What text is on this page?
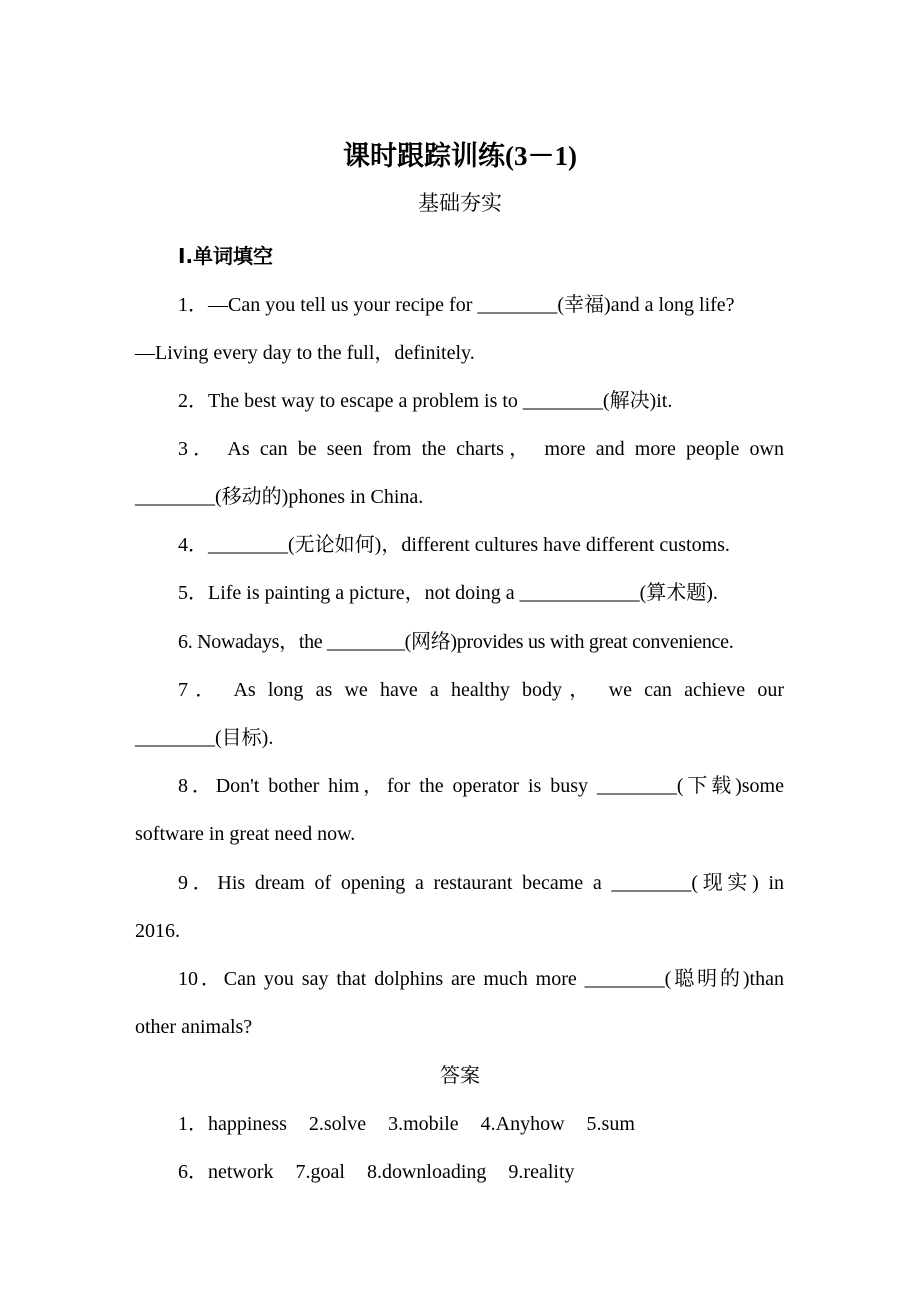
课时跟踪训练(3－1)
基础夯实
Ⅰ.单词填空
1．—Can you tell us your recipe for ________(幸福)and a long life?
—Living every day to the full，definitely.
2．The best way to escape a problem is to ________(解决)it.
3． As can be seen from the charts， more and more people own
________(移动的)phones in China.
4．________(无论如何)，different cultures have different customs.
5．Life is painting a picture，not doing a ____________(算术题).
6. Nowadays，the ________(网络)provides us with great convenience.
7． As long as we have a healthy body， we can achieve our
________(目标).
8．Don't bother him，for the operator is busy ________(下载)some
software in great need now.
9．His dream of opening a restaurant became a ________(现实) in
2016.
10．Can you say that dolphins are much more ________(聪明的)than
other animals?
答案
1．happiness 2.solve 3.mobile 4.Anyhow 5.sum
6．network 7.goal 8.downloading 9.reality
